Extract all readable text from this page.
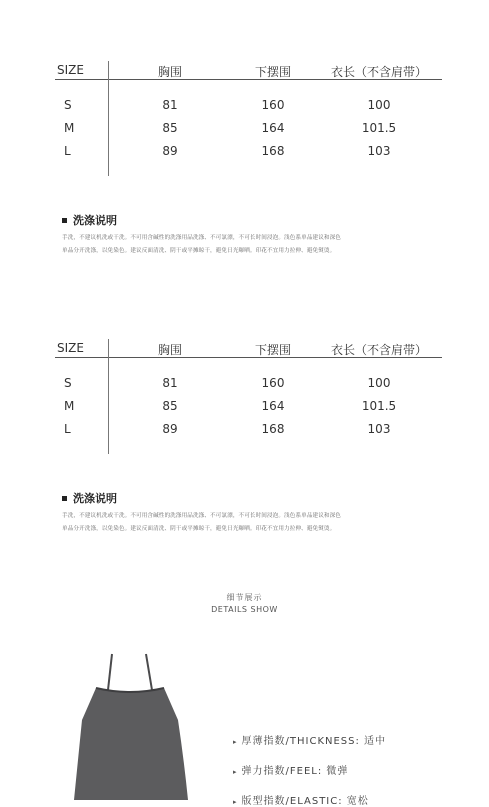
SIZE	胸围	下摆围	衣长（不含肩带）
S	81	160	100
M	85	164	101.5
L	89	168	103
洗涤说明
手洗，不建议机洗或干洗。不可用含碱性的洗涤用品洗涤、不可氯漂，不可长时间浸泡。浅色系单品建议和深色
单品分开洗涤，以免染色。建议反面清洗、阴干或平摊晾干，避免日光曝晒。印花不宜用力拉伸、避免熨烫。
SIZE	胸围	下摆围	衣长（不含肩带）
S	81	160	100
M	85	164	101.5
L	89	168	103
洗涤说明
手洗，不建议机洗或干洗。不可用含碱性的洗涤用品洗涤、不可氯漂，不可长时间浸泡。浅色系单品建议和深色
单品分开洗涤，以免染色。建议反面清洗、阴干或平摊晾干，避免日光曝晒。印花不宜用力拉伸、避免熨烫。
细节展示
DETAILS SHOW
▸ 厚薄指数/THICKNESS: 适中
▸ 弹力指数/FEEL: 微弹
▸ 版型指数/ELASTIC: 宽松
